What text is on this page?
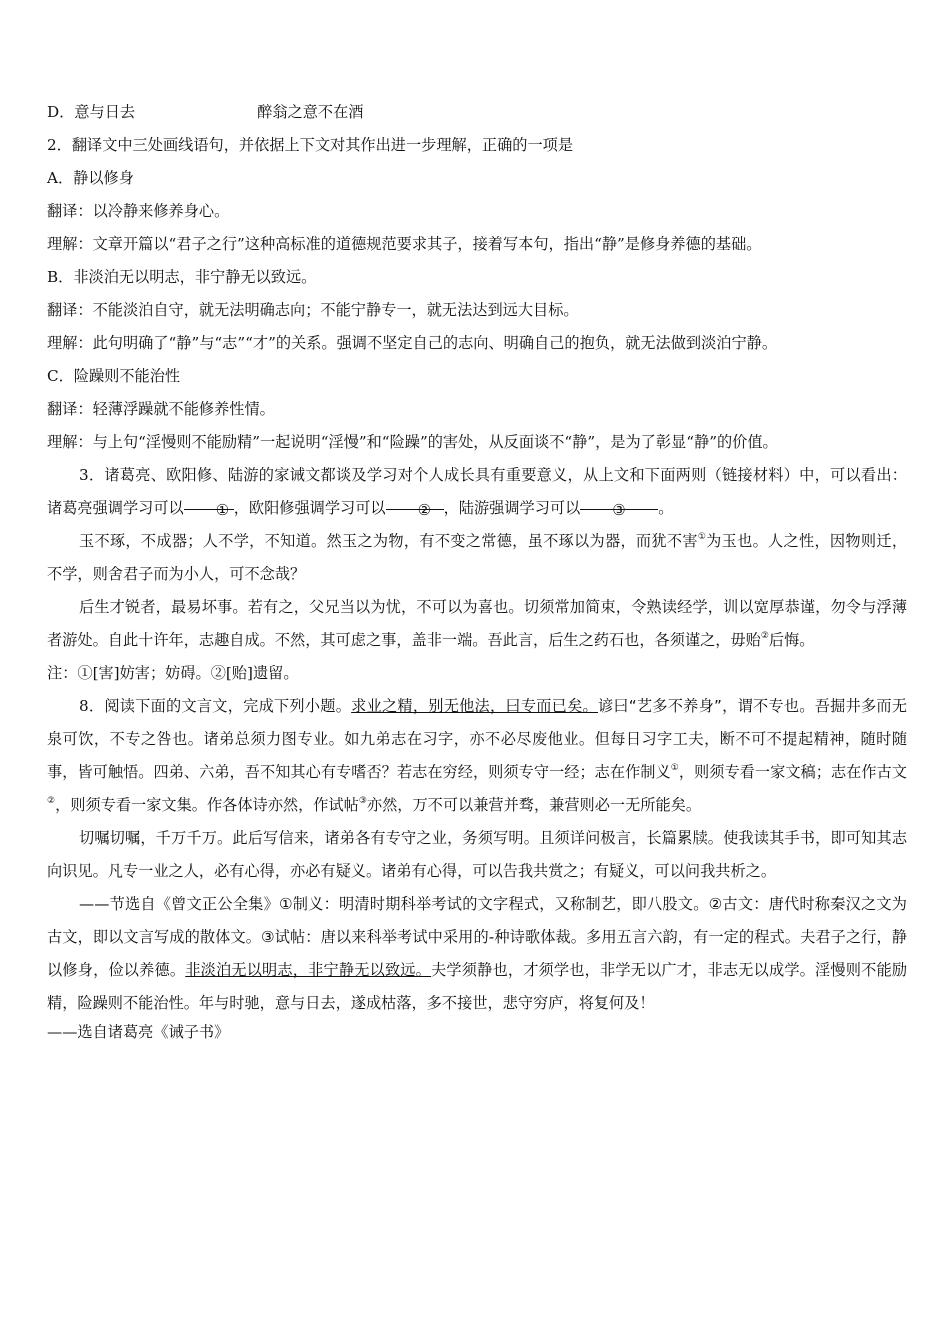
D．意与日去	醉翁之意不在酒
2．翻译文中三处画线语句，并依据上下文对其作出进一步理解，正确的一项是
A．静以修身
翻译：以冷静来修养身心。
理解：文章开篇以“君子之行”这种高标准的道德规范要求其子，接着写本句，指出“静”是修身养德的基础。
B．非淡泊无以明志，非宁静无以致远。
翻译：不能淡泊自守，就无法明确志向；不能宁静专一，就无法达到远大目标。
理解：此句明确了“静”与“志”“才”的关系。强调不坚定自己的志向、明确自己的抱负，就无法做到淡泊宁静。
C．险躁则不能治性
翻译：轻薄浮躁就不能修养性情。
理解：与上句“淫慢则不能励精”一起说明“淫慢”和“险躁”的害处，从反面谈不“静”，是为了彰显“静”的价值。
3．诸葛亮、欧阳修、陆游的家诫文都谈及学习对个人成长具有重要意义，从上文和下面两则（链接材料）中，可以看出：诸葛亮强调学习可以 ① ，欧阳修强调学习可以 ② ，陆游强调学习可以 ③ 。
玉不琢，不成器；人不学，不知道。然玉之为物，有不变之常德，虽不琢以为器，而犹不害①为玉也。人之性，因物则迁，不学，则舍君子而为小人，可不念哉？
后生才锐者，最易坏事。若有之，父兄当以为忧，不可以为喜也。切须常加简束，令熟读经学，训以宽厚恭谨，勿令与浮薄者游处。自此十许年，志趣自成。不然，其可虑之事，盖非一端。吾此言，后生之药石也，各须谨之，毋贻②后悔。
注：①[害]妨害；妨碍。②[贻]遗留。
8．阅读下面的文言文，完成下列小题。求业之精，别无他法，曰专而已矣。谚曰“艺多不养身”，谓不专也。吾掘井多而无泉可饮，不专之咎也。诸弟总须力图专业。如九弟志在习字，亦不必尽废他业。但每日习字工夫，断不可不提起精神，随时随事，皆可触悟。四弟、六弟，吾不知其心有专嗜否？若志在穷经，则须专守一经；志在作制义①，则须专看一家文稿；志在作古文②，则须专看一家文集。作各体诗亦然，作试帖③亦然，万不可以兼营并骛，兼营则必一无所能矣。
切嘱切嘱，千万千万。此后写信来，诸弟各有专守之业，务须写明。且须详问极言，长篇累牍。使我读其手书，即可知其志向识见。凡专一业之人，必有心得，亦必有疑义。诸弟有心得，可以告我共赏之；有疑义，可以问我共析之。
——节选自《曾文正公全集》①制义：明清时期科举考试的文字程式，又称制艺，即八股文。②古文：唐代时称秦汉之文为古文，即以文言写成的散体文。③试帖：唐以来科举考试中采用的-种诗歌体裁。多用五言六韵，有一定的程式。夫君子之行，静以修身，俭以养德。非淡泊无以明志，非宁静无以致远。夫学须静也，才须学也，非学无以广才，非志无以成学。淫慢则不能励精，险躁则不能治性。年与时驰，意与日去，遂成枯落，多不接世，悲守穷庐，将复何及！
——选自诸葛亮《诫子书》
